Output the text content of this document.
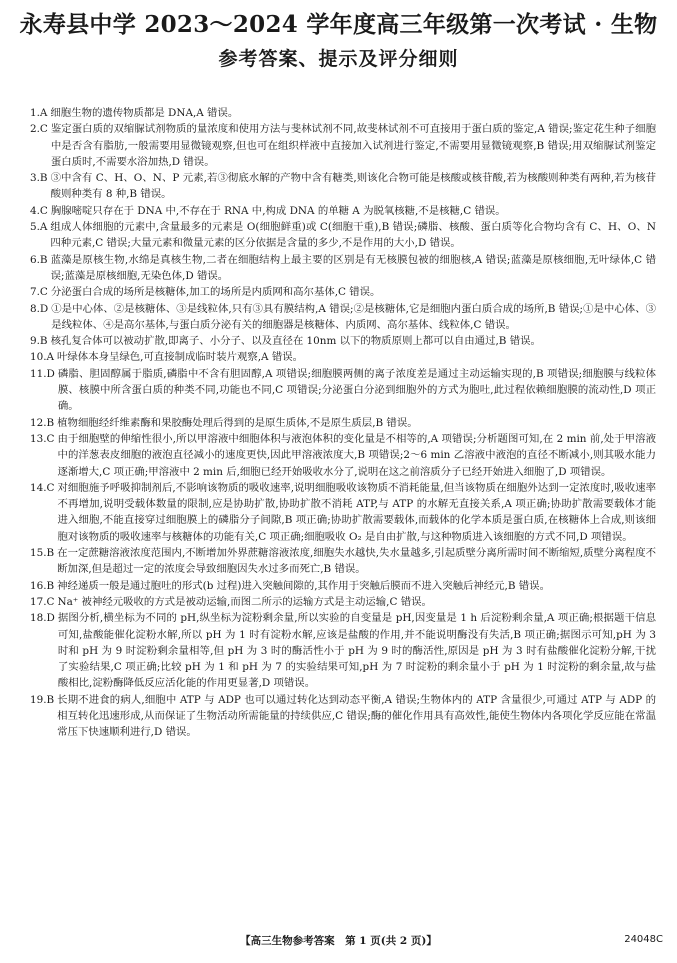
永寿县中学 2023～2024 学年度高三年级第一次考试 · 生物
参考答案、提示及评分细则
1.A 细胞生物的遗传物质都是 DNA,A 错误。
2.C 鉴定蛋白质的双缩脲试剂物质的量浓度和使用方法与斐林试剂不同,故斐林试剂不可直接用于蛋白质的鉴定,A 错误;鉴定花生种子细胞中是否含有脂肪,一般需要用显微镜观察,但也可在组织样液中直接加入试剂进行鉴定,不需要用显微镜观察,B 错误;用双缩脲试剂鉴定蛋白质时,不需要水浴加热,D 错误。
3.B ③中含有 C、H、O、N、P 元素,若③彻底水解的产物中含有糖类,则该化合物可能是核酸或核苷酸,若为核酸则种类有两种,若为核苷酸则种类有 8 种,B 错误。
4.C 胸腺嘧啶只存在于 DNA 中,不存在于 RNA 中,构成 DNA 的单糖 A 为脱氧核糖,不是核糖,C 错误。
5.A 组成人体细胞的元素中,含量最多的元素是 O(细胞鲜重)或 C(细胞干重),B 错误;磷脂、核酸、蛋白质等化合物均含有 C、H、O、N 四种元素,C 错误;大量元素和微量元素的区分依据是含量的多少,不是作用的大小,D 错误。
6.B 蓝藻是原核生物,水绵是真核生物,二者在细胞结构上最主要的区别是有无核膜包被的细胞核,A 错误;蓝藻是原核细胞,无叶绿体,C 错误;蓝藻是原核细胞,无染色体,D 错误。
7.C 分泌蛋白合成的场所是核糖体,加工的场所是内质网和高尔基体,C 错误。
8.D ①是中心体、②是核糖体、③是线粒体,只有③具有膜结构,A 错误;②是核糖体,它是细胞内蛋白质合成的场所,B 错误;①是中心体、③是线粒体、④是高尔基体,与蛋白质分泌有关的细胞器是核糖体、内质网、高尔基体、线粒体,C 错误。
9.B 核孔复合体可以被动扩散,即离子、小分子、以及直径在 10nm 以下的物质原则上都可以自由通过,B 错误。
10.A 叶绿体本身呈绿色,可直接制成临时装片观察,A 错误。
11.D 磷脂、胆固醇属于脂质,磷脂中不含有胆固醇,A 项错误;细胞膜两侧的离子浓度差是通过主动运输实现的,B 项错误;细胞膜与线粒体膜、核膜中所含蛋白质的种类不同,功能也不同,C 项错误;分泌蛋白分泌到细胞外的方式为胞吐,此过程依赖细胞膜的流动性,D 项正确。
12.B 植物细胞经纤维素酶和果胶酶处理后得到的是原生质体,不是原生质层,B 错误。
13.C 由于细胞壁的伸缩性很小,所以甲溶液中细胞体积与液泡体积的变化量是不相等的,A 项错误;分析题图可知,在 2 min 前,处于甲溶液中的洋葱表皮细胞的液泡直径减小的速度更快,因此甲溶液浓度大,B 项错误;2～6 min 乙溶液中液泡的直径不断减小,则其吸水能力逐渐增大,C 项正确;甲溶液中 2 min 后,细胞已经开始吸收水分了,说明在这之前溶质分子已经开始进入细胞了,D 项错误。
14.C 对细胞施予呼吸抑制剂后,不影响该物质的吸收速率,说明细胞吸收该物质不消耗能量,但当该物质在细胞外达到一定浓度时,吸收速率不再增加,说明受载体数量的限制,应是协助扩散,协助扩散不消耗 ATP,与 ATP 的水解无直接关系,A 项正确;协助扩散需要载体才能进入细胞,不能直接穿过细胞膜上的磷脂分子间隙,B 项正确;协助扩散需要载体,而载体的化学本质是蛋白质,在核糖体上合成,则该细胞对该物质的吸收速率与核糖体的功能有关,C 项正确;细胞吸收 O₂ 是自由扩散,与这种物质进入该细胞的方式不同,D 项错误。
15.B 在一定蔗糖溶液浓度范围内,不断增加外界蔗糖溶液浓度,细胞失水越快,失水量越多,引起质壁分离所需时间不断缩短,质壁分离程度不断加深,但是超过一定的浓度会导致细胞因失水过多而死亡,B 错误。
16.B 神经递质一般是通过胞吐的形式(b 过程)进入突触间隙的,其作用于突触后膜而不进入突触后神经元,B 错误。
17.C Na⁺ 被神经元吸收的方式是被动运输,而图二所示的运输方式是主动运输,C 错误。
18.D 据图分析,横坐标为不同的 pH,纵坐标为淀粉剩余量,所以实验的自变量是 pH,因变量是 1 h 后淀粉剩余量,A 项正确;根据题干信息可知,盐酸能催化淀粉水解,所以 pH 为 1 时有淀粉水解,应该是盐酸的作用,并不能说明酶没有失活,B 项正确;据图示可知,pH 为 3 时和 pH 为 9 时淀粉剩余量相等,但 pH 为 3 时的酶活性小于 pH 为 9 时的酶活性,原因是 pH 为 3 时有盐酸催化淀粉分解,干扰了实验结果,C 项正确;比较 pH 为 1 和 pH 为 7 的实验结果可知,pH 为 7 时淀粉的剩余量小于 pH 为 1 时淀粉的剩余量,故与盐酸相比,淀粉酶降低反应活化能的作用更显著,D 项错误。
19.B 长期不进食的病人,细胞中 ATP 与 ADP 也可以通过转化达到动态平衡,A 错误;生物体内的 ATP 含量很少,可通过 ATP 与 ADP 的相互转化迅速形成,从而保证了生物活动所需能量的持续供应,C 错误;酶的催化作用具有高效性,能使生物体内各项化学反应能在常温常压下快速顺利进行,D 错误。
【高三生物参考答案　第 1 页(共 2 页)】	24048C
